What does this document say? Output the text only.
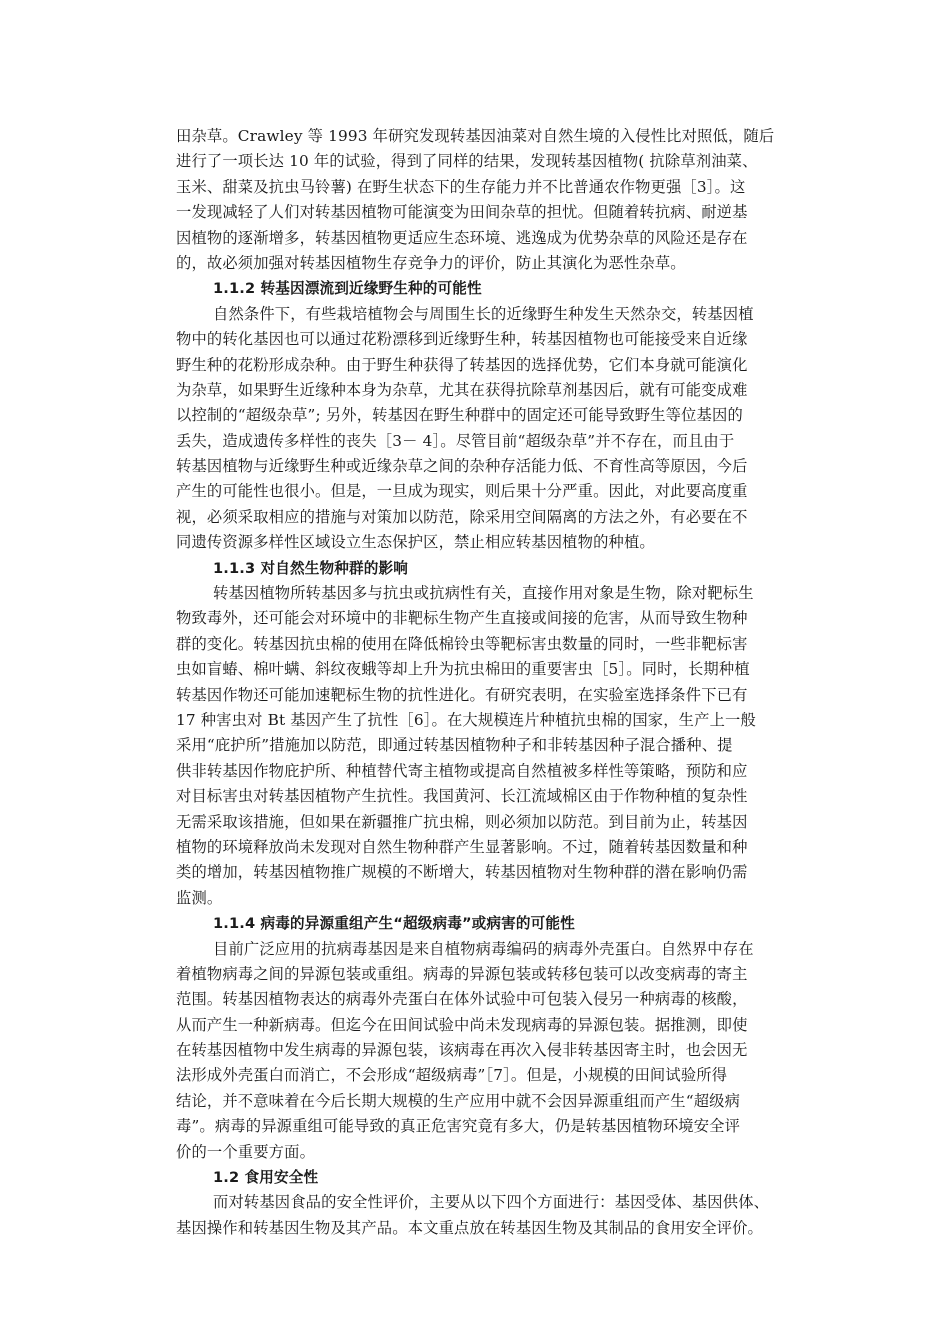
田杂草。Crawley 等 1993 年研究发现转基因油菜对自然生境的入侵性比对照低，随后
进行了一项长达 10 年的试验，得到了同样的结果，发现转基因植物( 抗除草剂油菜、
玉米、甜菜及抗虫马铃薯) 在野生状态下的生存能力并不比普通农作物更强［3］。这
一发现减轻了人们对转基因植物可能演变为田间杂草的担忧。但随着转抗病、耐逆基
因植物的逐渐增多，转基因植物更适应生态环境、逃逸成为优势杂草的风险还是存在
的，故必须加强对转基因植物生存竞争力的评价，防止其演化为恶性杂草。
1.1.2 转基因漂流到近缘野生种的可能性
自然条件下，有些栽培植物会与周围生长的近缘野生种发生天然杂交，转基因植
物中的转化基因也可以通过花粉漂移到近缘野生种，转基因植物也可能接受来自近缘
野生种的花粉形成杂种。由于野生种获得了转基因的选择优势，它们本身就可能演化
为杂草，如果野生近缘种本身为杂草，尤其在获得抗除草剂基因后，就有可能变成难
以控制的“超级杂草”; 另外，转基因在野生种群中的固定还可能导致野生等位基因的
丢失，造成遗传多样性的丧失［3－ 4］。尽管目前“超级杂草”并不存在，而且由于
转基因植物与近缘野生种或近缘杂草之间的杂种存活能力低、不育性高等原因，今后
产生的可能性也很小。但是，一旦成为现实，则后果十分严重。因此，对此要高度重
视，必须采取相应的措施与对策加以防范，除采用空间隔离的方法之外，有必要在不
同遗传资源多样性区域设立生态保护区，禁止相应转基因植物的种植。
1.1.3 对自然生物种群的影响
转基因植物所转基因多与抗虫或抗病性有关，直接作用对象是生物，除对靶标生
物致毒外，还可能会对环境中的非靶标生物产生直接或间接的危害，从而导致生物种
群的变化。转基因抗虫棉的使用在降低棉铃虫等靶标害虫数量的同时，一些非靶标害
虫如盲蝽、棉叶螨、斜纹夜蛾等却上升为抗虫棉田的重要害虫［5］。同时，长期种植
转基因作物还可能加速靶标生物的抗性进化。有研究表明，在实验室选择条件下已有
17 种害虫对 Bt 基因产生了抗性［6］。在大规模连片种植抗虫棉的国家，生产上一般
采用“庇护所”措施加以防范，即通过转基因植物种子和非转基因种子混合播种、提
供非转基因作物庇护所、种植替代寄主植物或提高自然植被多样性等策略，预防和应
对目标害虫对转基因植物产生抗性。我国黄河、长江流域棉区由于作物种植的复杂性
无需采取该措施，但如果在新疆推广抗虫棉，则必须加以防范。到目前为止，转基因
植物的环境释放尚未发现对自然生物种群产生显著影响。不过，随着转基因数量和种
类的增加，转基因植物推广规模的不断增大，转基因植物对生物种群的潜在影响仍需
监测。
1.1.4 病毒的异源重组产生“超级病毒”或病害的可能性
目前广泛应用的抗病毒基因是来自植物病毒编码的病毒外壳蛋白。自然界中存在
着植物病毒之间的异源包装或重组。病毒的异源包装或转移包装可以改变病毒的寄主
范围。转基因植物表达的病毒外壳蛋白在体外试验中可包装入侵另一种病毒的核酸，
从而产生一种新病毒。但迄今在田间试验中尚未发现病毒的异源包装。据推测，即使
在转基因植物中发生病毒的异源包装，该病毒在再次入侵非转基因寄主时，也会因无
法形成外壳蛋白而消亡，不会形成“超级病毒”［7］。但是，小规模的田间试验所得
结论，并不意味着在今后长期大规模的生产应用中就不会因异源重组而产生“超级病
毒”。病毒的异源重组可能导致的真正危害究竟有多大，仍是转基因植物环境安全评
价的一个重要方面。
1.2 食用安全性
而对转基因食品的安全性评价，主要从以下四个方面进行：基因受体、基因供体、
基因操作和转基因生物及其产品。本文重点放在转基因生物及其制品的食用安全评价。
